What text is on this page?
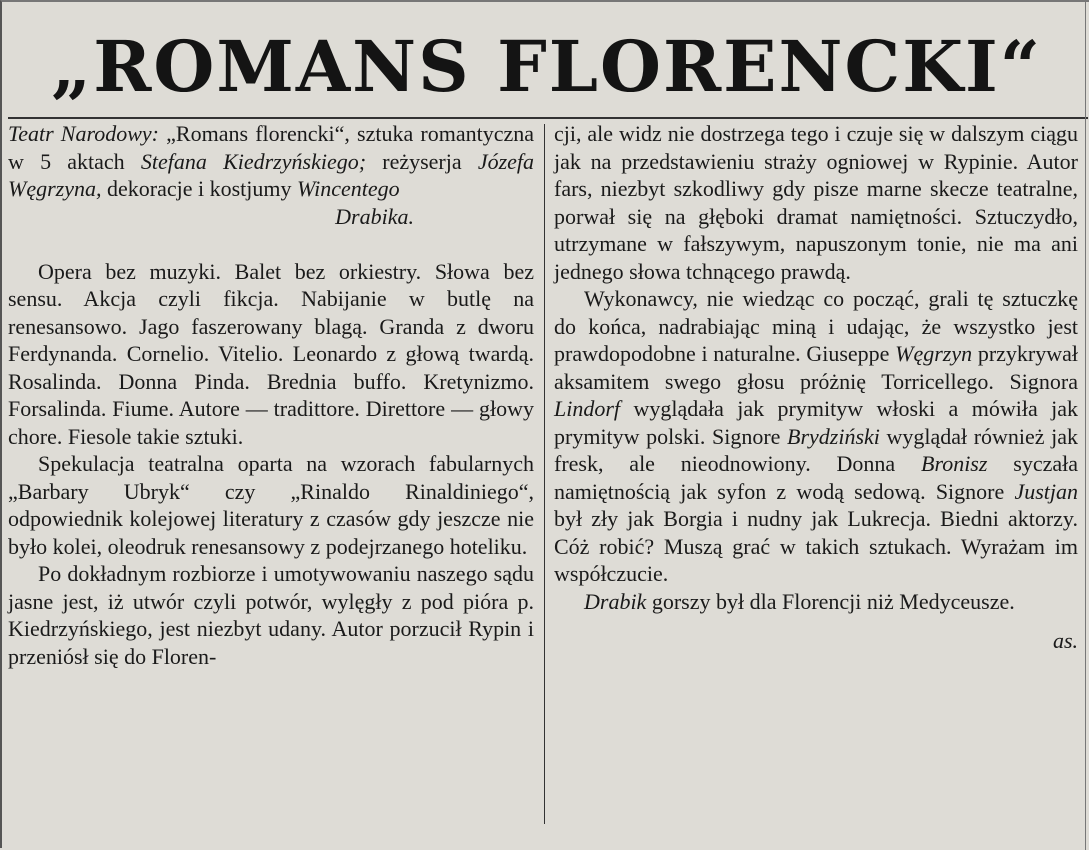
„ROMANS FLORENCKI“
Teatr Narodowy: „Romans florencki“, sztuka romantyczna w 5 aktach Stefana Kiedrzyńskiego; reżyserja Józefa Węgrzyna, dekoracje i kostjumy Wincentego
Drabika.

Opera bez muzyki. Balet bez orkiestry. Słowa bez sensu. Akcja czyli fikcja. Nabijanie w butlę na renesansowo. Jago faszerowany blagą. Granda z dworu Ferdynanda. Cornelio. Vitelio. Leonardo z głową twardą. Rosalinda. Donna Pinda. Brednia buffo. Kretynizmo. Forsalinda. Fiume. Autore — tradittore. Direttore — głowy chore. Fiesole takie sztuki.

Spekulacja teatralna oparta na wzorach fabularnych „Barbary Ubryk“ czy „Rinaldo Rinaldiniego“, odpowiednik kolejowej literatury z czasów gdy jeszcze nie było kolei, oleodruk renesansowy z podejrzanego hoteliku.

Po dokładnym rozbiorze i umotywowaniu naszego sądu jasne jest, iż utwór czyli potwór, wylęgły z pod pióra p. Kiedrzyńskiego, jest niezbyt udany. Autor porzucił Rypin i przeniósł się do Floren-

cji, ale widz nie dostrzega tego i czuje się w dalszym ciągu jak na przedstawieniu straży ogniowej w Rypinie. Autor fars, niezbyt szkodliwy gdy pisze marne skecze teatralne, porwał się na głęboki dramat namiętności. Sztuczydło, utrzymane w fałszywym, napuszonym tonie, nie ma ani jednego słowa tchnącego prawdą.

Wykonawcy, nie wiedząc co począć, grali tę sztuczkę do końca, nadrabiając miną i udając, że wszystko jest prawdopodobne i naturalne. Giuseppe Węgrzyn przykrywał aksamitem swego głosu próżnię Torricellego. Signora Lindorf wyglądała jak prymityw włoski a mówiła jak prymityw polski. Signore Brydziński wyglądał również jak fresk, ale nieodnowiony. Donna Bronisz syczała namiętnością jak syfon z wodą sedową. Signore Justjan był zły jak Borgia i nudny jak Lukrecja. Biedni aktorzy. Cóż robić? Muszą grać w takich sztukach. Wyrażam im współczucie.

Drabik gorszy był dla Florencji niż Medyceusze.

as.
